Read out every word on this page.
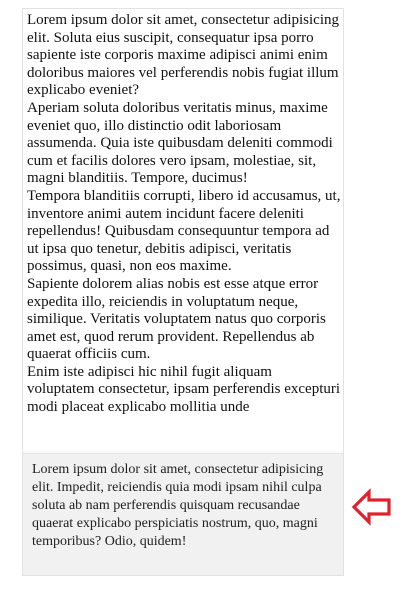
Lorem ipsum dolor sit amet, consectetur adipisicing elit. Soluta eius suscipit, consequatur ipsa porro sapiente iste corporis maxime adipisci animi enim doloribus maiores vel perferendis nobis fugiat illum explicabo eveniet?

Aperiam soluta doloribus veritatis minus, maxime eveniet quo, illo distinctio odit laboriosam assumenda. Quia iste quibusdam deleniti commodi cum et facilis dolores vero ipsam, molestiae, sit, magni blanditiis. Tempore, ducimus!

Tempora blanditiis corrupti, libero id accusamus, ut, inventore animi autem incidunt facere deleniti repellendus! Quibusdam consequuntur tempora ad ut ipsa quo tenetur, debitis adipisci, veritatis possimus, quasi, non eos maxime.

Sapiente dolorem alias nobis est esse atque error expedita illo, reiciendis in voluptatum neque, similique. Veritatis voluptatem natus quo corporis amet est, quod rerum provident. Repellendus ab quaerat officiis cum.

Enim iste adipisci hic nihil fugit aliquam voluptatem consectetur, ipsam perferendis excepturi modi placeat explicabo mollitia unde

Lorem ipsum dolor sit amet, consectetur adipisicing elit. Impedit, reiciendis quia modi ipsam nihil culpa soluta ab nam perferendis quisquam recusandae quaerat explicabo perspiciatis nostrum, quo, magni temporibus? Odio, quidem!
